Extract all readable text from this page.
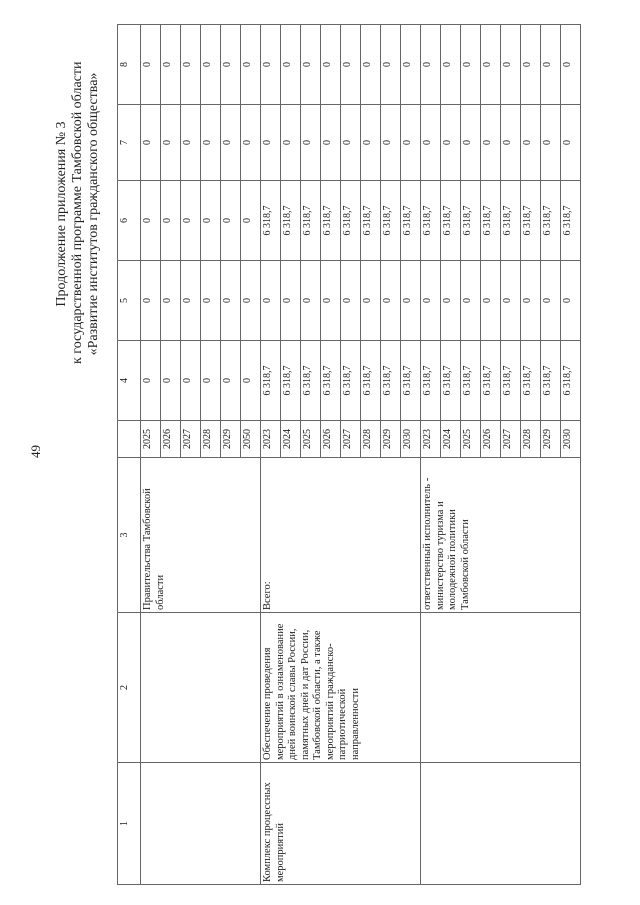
49
Продолжение приложения № 3 к государственной программе Тамбовской области «Развитие институтов гражданского общества»
1	2	3		4	5	6	7	8
		Правительства Тамбовской области	2025	0	0	0	0	0
			2026	0	0	0	0	0
			2027	0	0	0	0	0
			2028	0	0	0	0	0
			2029	0	0	0	0	0
			2050	0	0	0	0	0
Комплекс процессных мероприятий	Обеспечение проведения мероприятий в ознаменование дней воинской славы России, памятных дней и дат России, Тамбовской области, а также мероприятий гражданско-патриотической направленности	Всего:	2023	6 318,7	0	6 318,7	0	0
			2024	6 318,7	0	6 318,7	0	0
			2025	6 318,7	0	6 318,7	0	0
			2026	6 318,7	0	6 318,7	0	0
			2027	6 318,7	0	6 318,7	0	0
			2028	6 318,7	0	6 318,7	0	0
			2029	6 318,7	0	6 318,7	0	0
			2030	6 318,7	0	6 318,7	0	0
		ответственный исполнитель - министерство туризма и молодежной политики Тамбовской области	2023	6 318,7	0	6 318,7	0	0
			2024	6 318,7	0	6 318,7	0	0
			2025	6 318,7	0	6 318,7	0	0
			2026	6 318,7	0	6 318,7	0	0
			2027	6 318,7	0	6 318,7	0	0
			2028	6 318,7	0	6 318,7	0	0
			2029	6 318,7	0	6 318,7	0	0
			2030	6 318,7	0	6 318,7	0	0
